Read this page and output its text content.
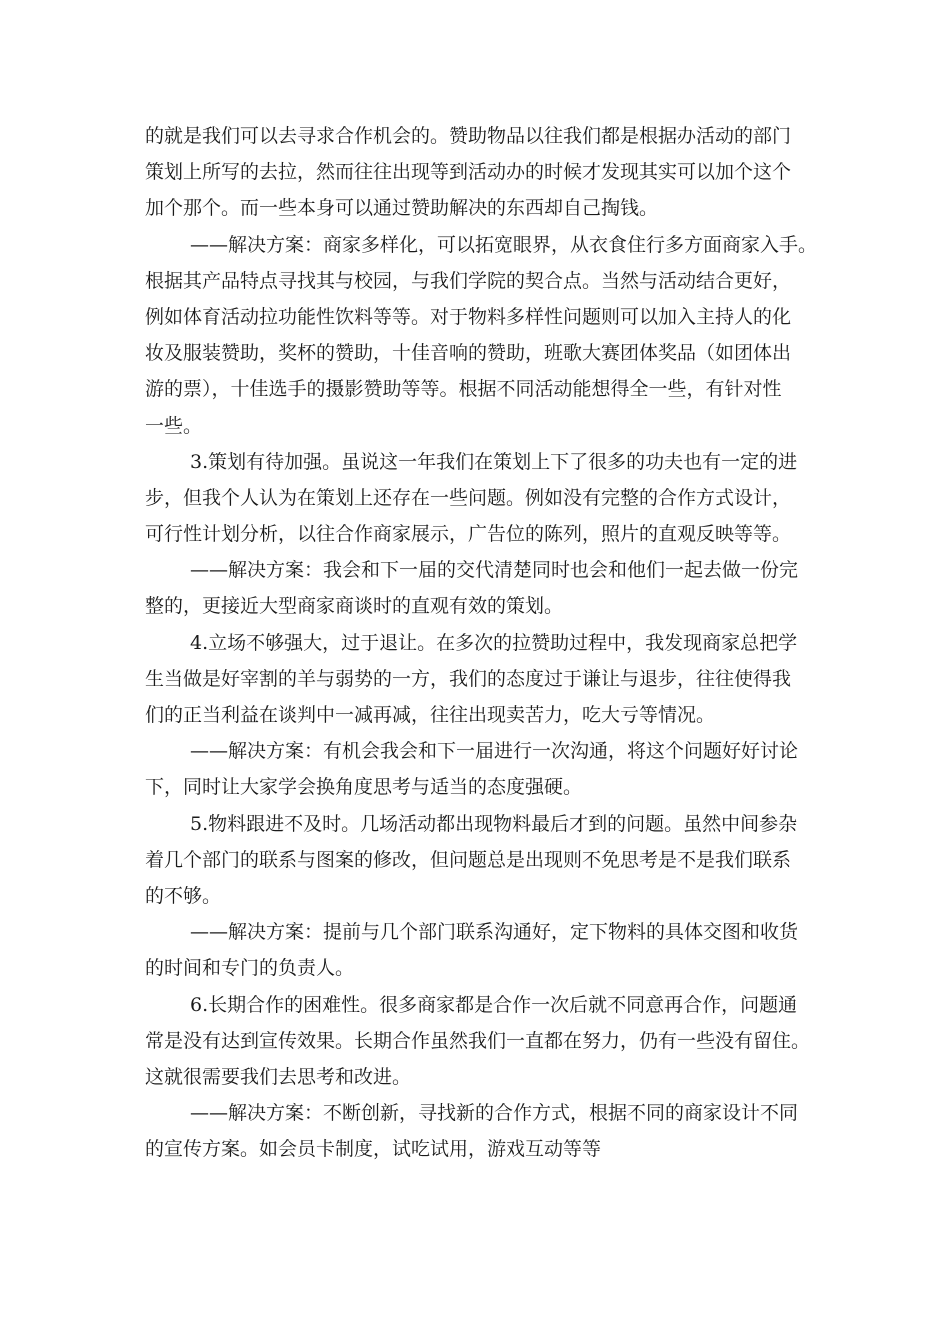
的就是我们可以去寻求合作机会的。赞助物品以往我们都是根据办活动的部门
策划上所写的去拉，然而往往出现等到活动办的时候才发现其实可以加个这个
加个那个。而一些本身可以通过赞助解决的东西却自己掏钱。
——解决方案：商家多样化，可以拓宽眼界，从衣食住行多方面商家入手。
根据其产品特点寻找其与校园，与我们学院的契合点。当然与活动结合更好，
例如体育活动拉功能性饮料等等。对于物料多样性问题则可以加入主持人的化
妆及服装赞助，奖杯的赞助，十佳音响的赞助，班歌大赛团体奖品（如团体出
游的票），十佳选手的摄影赞助等等。根据不同活动能想得全一些，有针对性
一些。
3.策划有待加强。虽说这一年我们在策划上下了很多的功夫也有一定的进
步，但我个人认为在策划上还存在一些问题。例如没有完整的合作方式设计，
可行性计划分析，以往合作商家展示，广告位的陈列，照片的直观反映等等。
——解决方案：我会和下一届的交代清楚同时也会和他们一起去做一份完
整的，更接近大型商家商谈时的直观有效的策划。
4.立场不够强大，过于退让。在多次的拉赞助过程中，我发现商家总把学
生当做是好宰割的羊与弱势的一方，我们的态度过于谦让与退步，往往使得我
们的正当利益在谈判中一减再减，往往出现卖苦力，吃大亏等情况。
——解决方案：有机会我会和下一届进行一次沟通，将这个问题好好讨论
下，同时让大家学会换角度思考与适当的态度强硬。
5.物料跟进不及时。几场活动都出现物料最后才到的问题。虽然中间参杂
着几个部门的联系与图案的修改，但问题总是出现则不免思考是不是我们联系
的不够。
——解决方案：提前与几个部门联系沟通好，定下物料的具体交图和收货
的时间和专门的负责人。
6.长期合作的困难性。很多商家都是合作一次后就不同意再合作，问题通
常是没有达到宣传效果。长期合作虽然我们一直都在努力，仍有一些没有留住。
这就很需要我们去思考和改进。
——解决方案：不断创新，寻找新的合作方式，根据不同的商家设计不同
的宣传方案。如会员卡制度，试吃试用，游戏互动等等
